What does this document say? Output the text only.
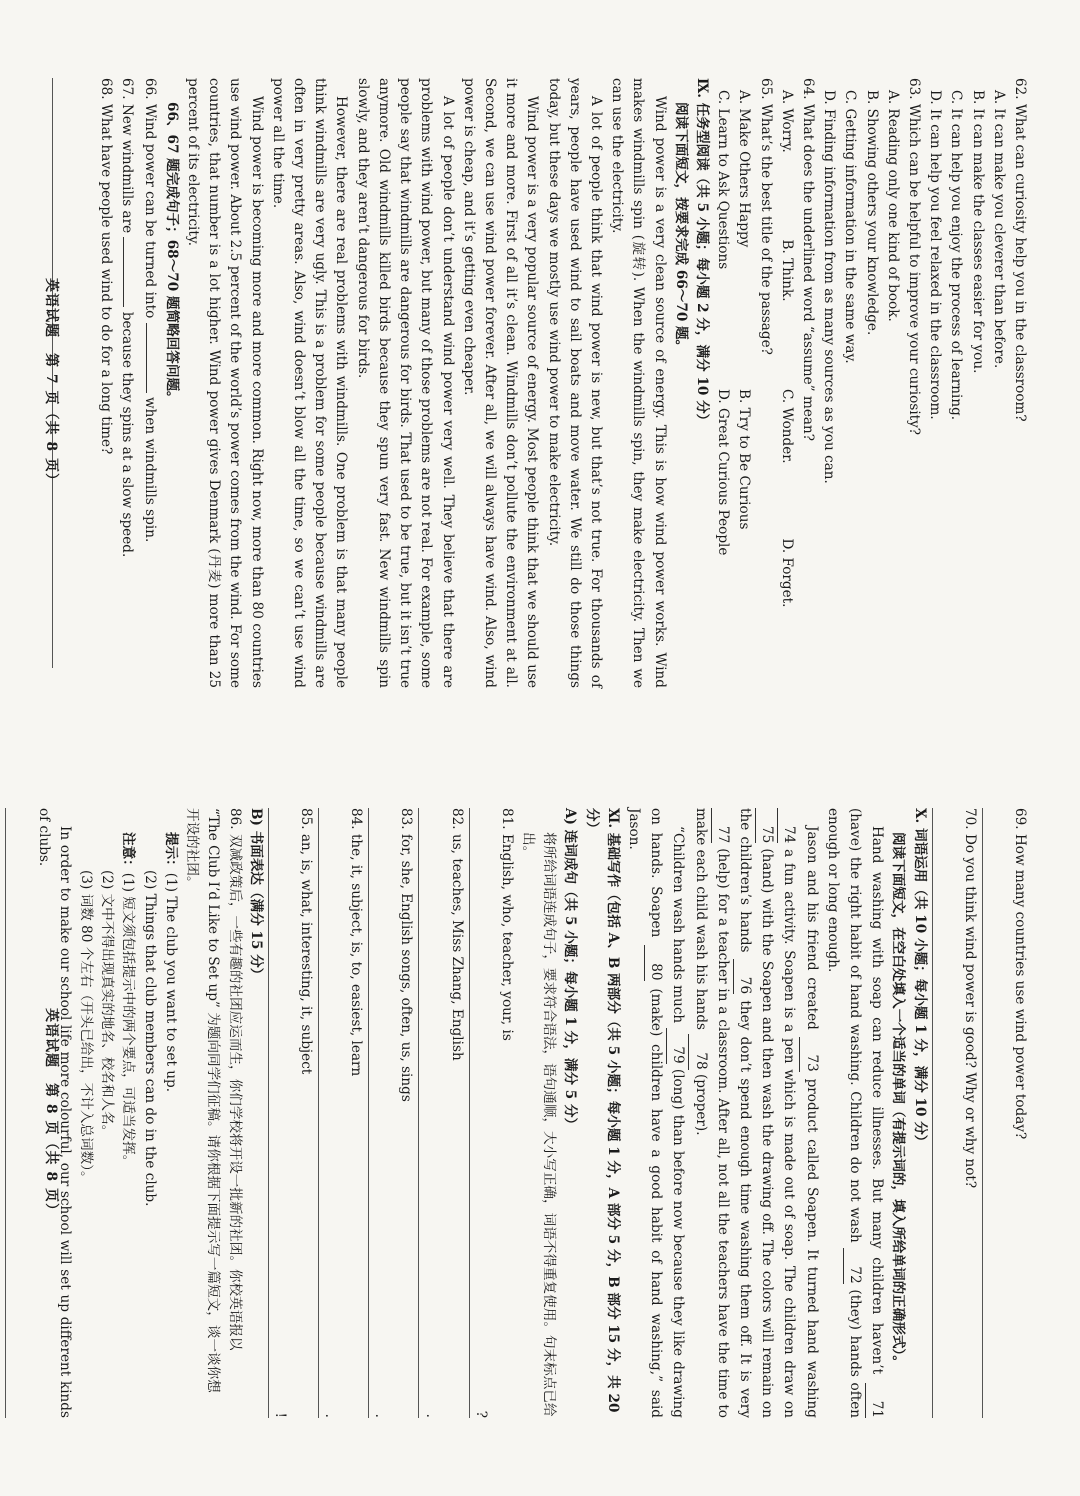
62. What can curiosity help you in the classroom?

A. It can make you cleverer than before.

B. It can make the classes easier for you.

C. It can help you enjoy the process of learning.

D. It can help you feel relaxed in the classroom.

63. Which can be helpful to improve your curiosity?

A. Reading only one kind of book.

B. Showing others your knowledge.

C. Getting information in the same way.

D. Finding information from as many sources as you can.

64. What does the underlined word “assume” mean?

A. Worry.
B. Think.
C. Wonder.
D. Forget.

65. What’s the best title of the passage?

A. Make Others Happy
B. Try to Be Curious
C. Learn to Ask Questions
D. Great Curious People

Ⅸ. 任务型阅读（共 5 小题；每小题 2 分，满分 10 分）

阅读下面短文，按要求完成 66～70 题。

Wind power is a very clean source of energy. This is how wind power works. Wind makes windmills spin (旋转). When the windmills spin, they make electricity. Then we can use the electricity.

A lot of people think that wind power is new, but that’s not true. For thousands of years, people have used wind to sail boats and move water. We still do those things today, but these days we mostly use wind power to make electricity.

Wind power is a very popular source of energy. Most people think that we should use it more and more. First of all it’s clean. Windmills don’t pollute the environment at all. Second, we can use wind power forever. After all, we will always have wind. Also, wind power is cheap, and it’s getting even cheaper.

A lot of people don’t understand wind power very well. They believe that there are problems with wind power, but many of those problems are not real. For example, some people say that windmills are dangerous for birds. That used to be true, but it isn’t true anymore. Old windmills killed birds because they spun very fast. New windmills spin slowly, and they aren’t dangerous for birds.

However, there are real problems with windmills. One problem is that many people think windmills are very ugly. This is a problem for some people because windmills are often in very pretty areas. Also, wind doesn’t blow all the time, so we can’t use wind power all the time.

Wind power is becoming more and more common. Right now, more than 80 countries use wind power. About 2.5 percent of the world’s power comes from the wind. For some countries, that number is a lot higher. Wind power gives Denmark (丹麦) more than 25 percent of its electricity.

66、67 题完成句子；68～70 题简略回答问题。

66. Wind power can be turned into  when windmills spin.

67. New windmills are  because they spins at a slow speed.

68. What have people used wind to do for a long time?

英语试题　第 7 页（共 8 页）

69. How many countries use wind power today?

70. Do you think wind power is good? Why or why not?

Ⅹ. 词语运用（共 10 小题；每小题 1 分，满分 10 分）

阅读下面短文，在空白处填入一个适当的单词（有提示词的，填入所给单词的正确形式）。

Hand washing with soap can reduce illnesses. But many children haven’t 71 (have) the right habit of hand washing. Children do not wash 72 (they) hands often enough or long enough.

Jason and his friend created 73 product called Soapen. It turned hand washing 74 a fun activity. Soapen is a pen which is made out of soap. The children draw on 75 (hand) with the Soapen and then wash the drawing off. The colors will remain on the children’s hands 76 they don’t spend enough time washing them off. It is very 77 (help) for a teacher in a classroom. After all, not all the teachers have the time to make each child wash his hands 78 (proper).

“Children wash hands much 79 (long) than before now because they like drawing on hands. Soapen 80 (make) children have a good habit of hand washing,” said Jason.

Ⅺ. 基础写作（包括 A、B 两部分（共 5 小题；每小题 1 分，A 部分 5 分，B 部分 15 分，共 20 分）

A) 连词成句（共 5 小题；每小题 1 分，满分 5 分）

将所给词语连成句子，要求符合语法，语句通顺，大小写正确，词语不得重复使用。句末标点已给出。

81. English, who, teacher, your, is

?

82. us, teaches, Miss Zhang, English

.

83. for, she, English songs, often, us, sings

.

84. the, it, subject, is, to, easiest, learn

.

85. an, is, what, interesting, it, subject

!

B) 书面表达（满分 15 分）

86. 双减政策后，一些有趣的社团应运而生，你们学校将开设一批新的社团。你校英语报以

“The Club I’d Like to Set up” 为题向同学们征稿。请你根据下面提示写一篇短文，谈一谈你想

开设的社团。

提示：(1) The club you want to set up.

(2) Things that club members can do in the club.

注意：(1) 短文须包括提示中的两个要点，可适当发挥。

(2) 文中不得出现真实的地名、校名和人名。

(3) 词数 80 个左右（开头已给出，不计入总词数）。

In order to make our school life more colourful, our school will set up different kinds of clubs.

英语试题　第 8 页（共 8 页）
